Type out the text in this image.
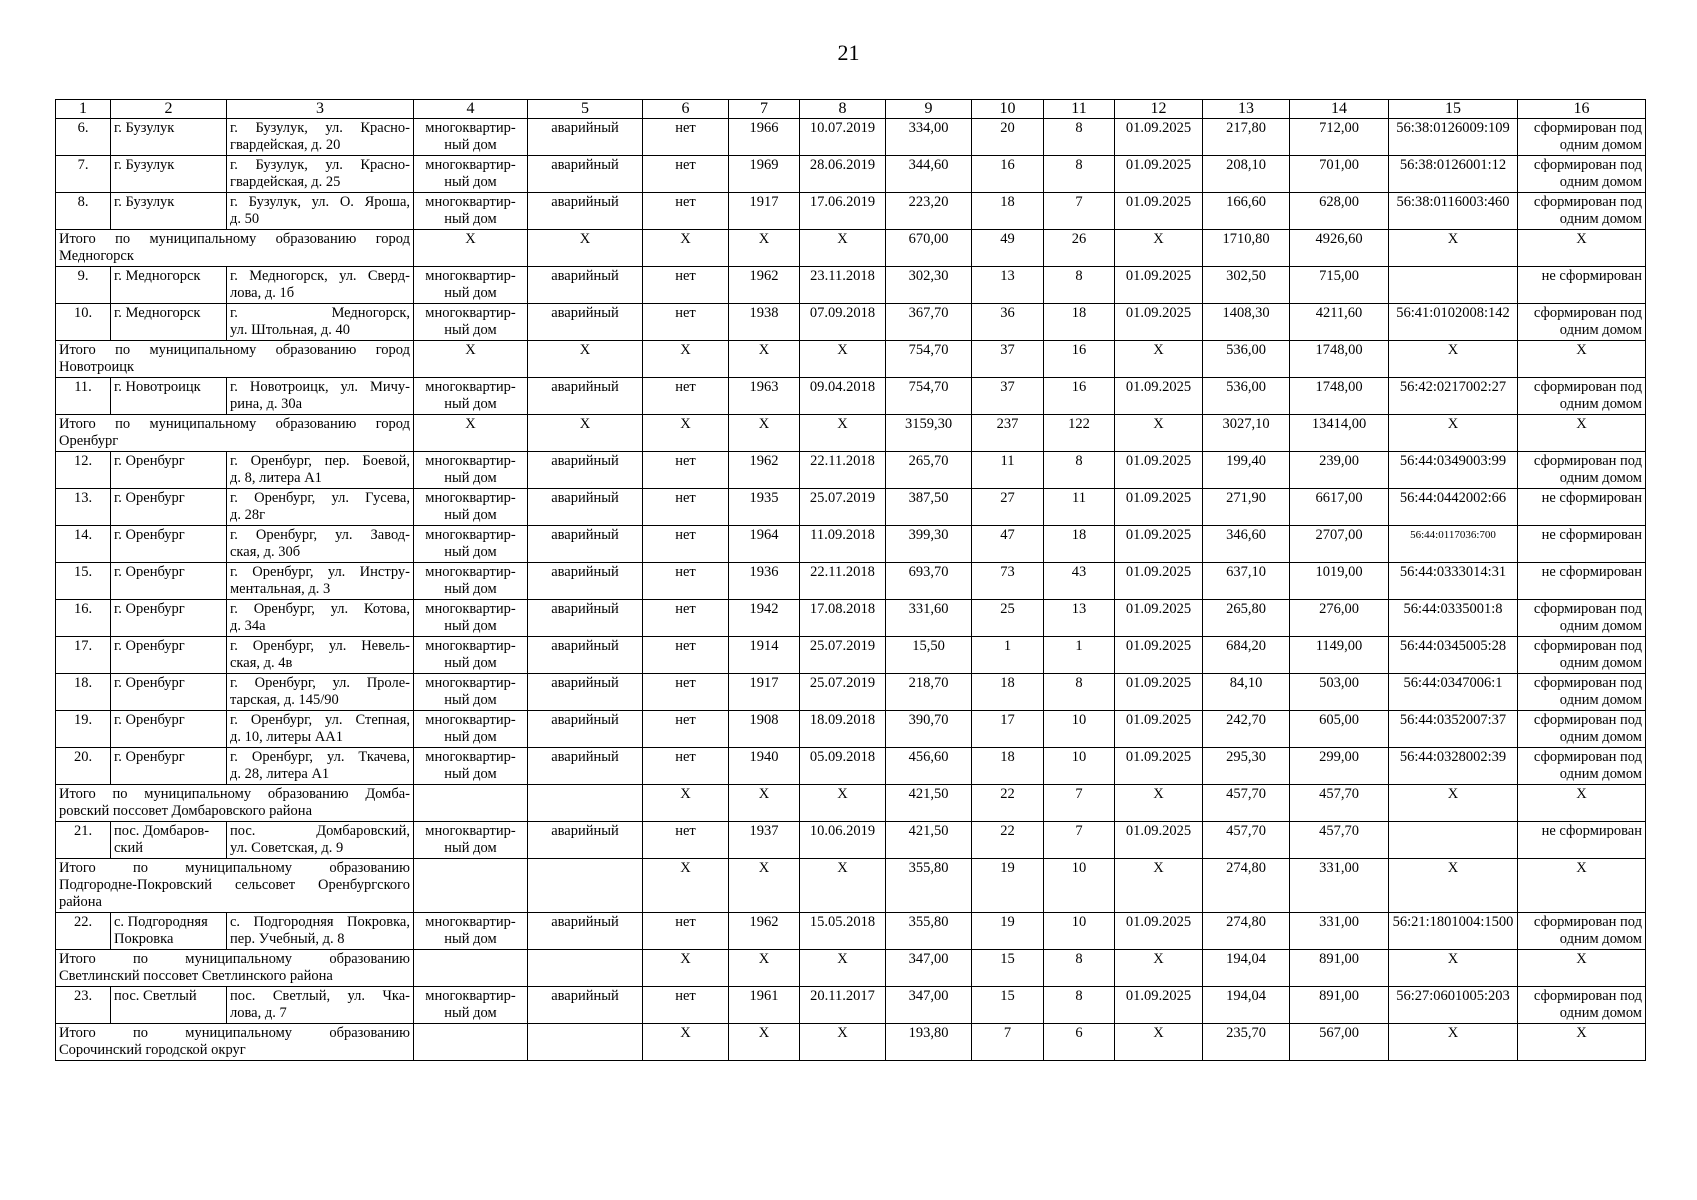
21
1	2	3	4	5	6	7	8	9	10	11	12	13	14	15	16
6.	г. Бузулук	г. Бузулук, ул. Красно-
гвардейская, д. 20	многоквартир-
ный дом	аварийный	нет	1966	10.07.2019	334,00	20	8	01.09.2025	217,80	712,00	56:38:0126009:109	сформирован под
одним домом

7.	г. Бузулук	г. Бузулук, ул. Красно-
гвардейская, д. 25	многоквартир-
ный дом	аварийный	нет	1969	28.06.2019	344,60	16	8	01.09.2025	208,10	701,00	56:38:0126001:12	сформирован под
одним домом

8.	г. Бузулук	г. Бузулук, ул. О. Яроша,
д. 50	многоквартир-
ный дом	аварийный	нет	1917	17.06.2019	223,20	18	7	01.09.2025	166,60	628,00	56:38:0116003:460	сформирован под
одним домом

Итого по муниципальному образованию город
Медногорск			X	X	X	X	X	670,00	49	26	X	1710,80	4926,60	X	X
9.	г. Медногорск	г. Медногорск, ул. Сверд-
лова, д. 1б	многоквартир-
ный дом	аварийный	нет	1962	23.11.2018	302,30	13	8	01.09.2025	302,50	715,00		не сформирован

10.	г. Медногорск	г. Медногорск,
ул. Штольная, д. 40	многоквартир-
ный дом	аварийный	нет	1938	07.09.2018	367,70	36	18	01.09.2025	1408,30	4211,60	56:41:0102008:142	сформирован под
одним домом

Итого по муниципальному образованию город
Новотроицк			X	X	X	X	X	754,70	37	16	X	536,00	1748,00	X	X
11.	г. Новотроицк	г. Новотроицк, ул. Мичу-
рина, д. 30а	многоквартир-
ный дом	аварийный	нет	1963	09.04.2018	754,70	37	16	01.09.2025	536,00	1748,00	56:42:0217002:27	сформирован под
одним домом

Итого по муниципальному образованию город
Оренбург			X	X	X	X	X	3159,30	237	122	X	3027,10	13414,00	X	X
12.	г. Оренбург	г. Оренбург, пер. Боевой,
д. 8, литера А1	многоквартир-
ный дом	аварийный	нет	1962	22.11.2018	265,70	11	8	01.09.2025	199,40	239,00	56:44:0349003:99	сформирован под
одним домом

13.	г. Оренбург	г. Оренбург, ул. Гусева,
д. 28г	многоквартир-
ный дом	аварийный	нет	1935	25.07.2019	387,50	27	11	01.09.2025	271,90	6617,00	56:44:0442002:66	не сформирован

14.	г. Оренбург	г. Оренбург, ул. Завод-
ская, д. 30б	многоквартир-
ный дом	аварийный	нет	1964	11.09.2018	399,30	47	18	01.09.2025	346,60	2707,00	56:44:0117036:700	не сформирован

15.	г. Оренбург	г. Оренбург, ул. Инстру-
ментальная, д. 3	многоквартир-
ный дом	аварийный	нет	1936	22.11.2018	693,70	73	43	01.09.2025	637,10	1019,00	56:44:0333014:31	не сформирован

16.	г. Оренбург	г. Оренбург, ул. Котова,
д. 34а	многоквартир-
ный дом	аварийный	нет	1942	17.08.2018	331,60	25	13	01.09.2025	265,80	276,00	56:44:0335001:8	сформирован под
одним домом

17.	г. Оренбург	г. Оренбург, ул. Невель-
ская, д. 4в	многоквартир-
ный дом	аварийный	нет	1914	25.07.2019	15,50	1	1	01.09.2025	684,20	1149,00	56:44:0345005:28	сформирован под
одним домом

18.	г. Оренбург	г. Оренбург, ул. Проле-
тарская, д. 145/90	многоквартир-
ный дом	аварийный	нет	1917	25.07.2019	218,70	18	8	01.09.2025	84,10	503,00	56:44:0347006:1	сформирован под
одним домом

19.	г. Оренбург	г. Оренбург, ул. Степная,
д. 10, литеры АА1	многоквартир-
ный дом	аварийный	нет	1908	18.09.2018	390,70	17	10	01.09.2025	242,70	605,00	56:44:0352007:37	сформирован под
одним домом

20.	г. Оренбург	г. Оренбург, ул. Ткачева,
д. 28, литера А1	многоквартир-
ный дом	аварийный	нет	1940	05.09.2018	456,60	18	10	01.09.2025	295,30	299,00	56:44:0328002:39	сформирован под
одним домом

Итого по муниципальному образованию Домба-
ровский поссовет Домбаровского района					X	X	X	421,50	22	7	X	457,70	457,70	X	X
21.	пос. Домбаров-
ский	пос. Домбаровский,
ул. Советская, д. 9	многоквартир-
ный дом	аварийный	нет	1937	10.06.2019	421,50	22	7	01.09.2025	457,70	457,70		не сформирован

Итого по муниципальному образованию
Подгородне-Покровский сельсовет Оренбургского
района					X	X	X	355,80	19	10	X	274,80	331,00	X	X
22.	с. Подгородняя
Покровка	с. Подгородняя Покровка,
пер. Учебный, д. 8	многоквартир-
ный дом	аварийный	нет	1962	15.05.2018	355,80	19	10	01.09.2025	274,80	331,00	56:21:1801004:1500	сформирован под
одним домом

Итого по муниципальному образованию
Светлинский поссовет Светлинского района					X	X	X	347,00	15	8	X	194,04	891,00	X	X
23.	пос. Светлый	пос. Светлый, ул. Чка-
лова, д. 7	многоквартир-
ный дом	аварийный	нет	1961	20.11.2017	347,00	15	8	01.09.2025	194,04	891,00	56:27:0601005:203	сформирован под
одним домом

Итого по муниципальному образованию
Сорочинский городской округ					X	X	X	193,80	7	6	X	235,70	567,00	X	X
